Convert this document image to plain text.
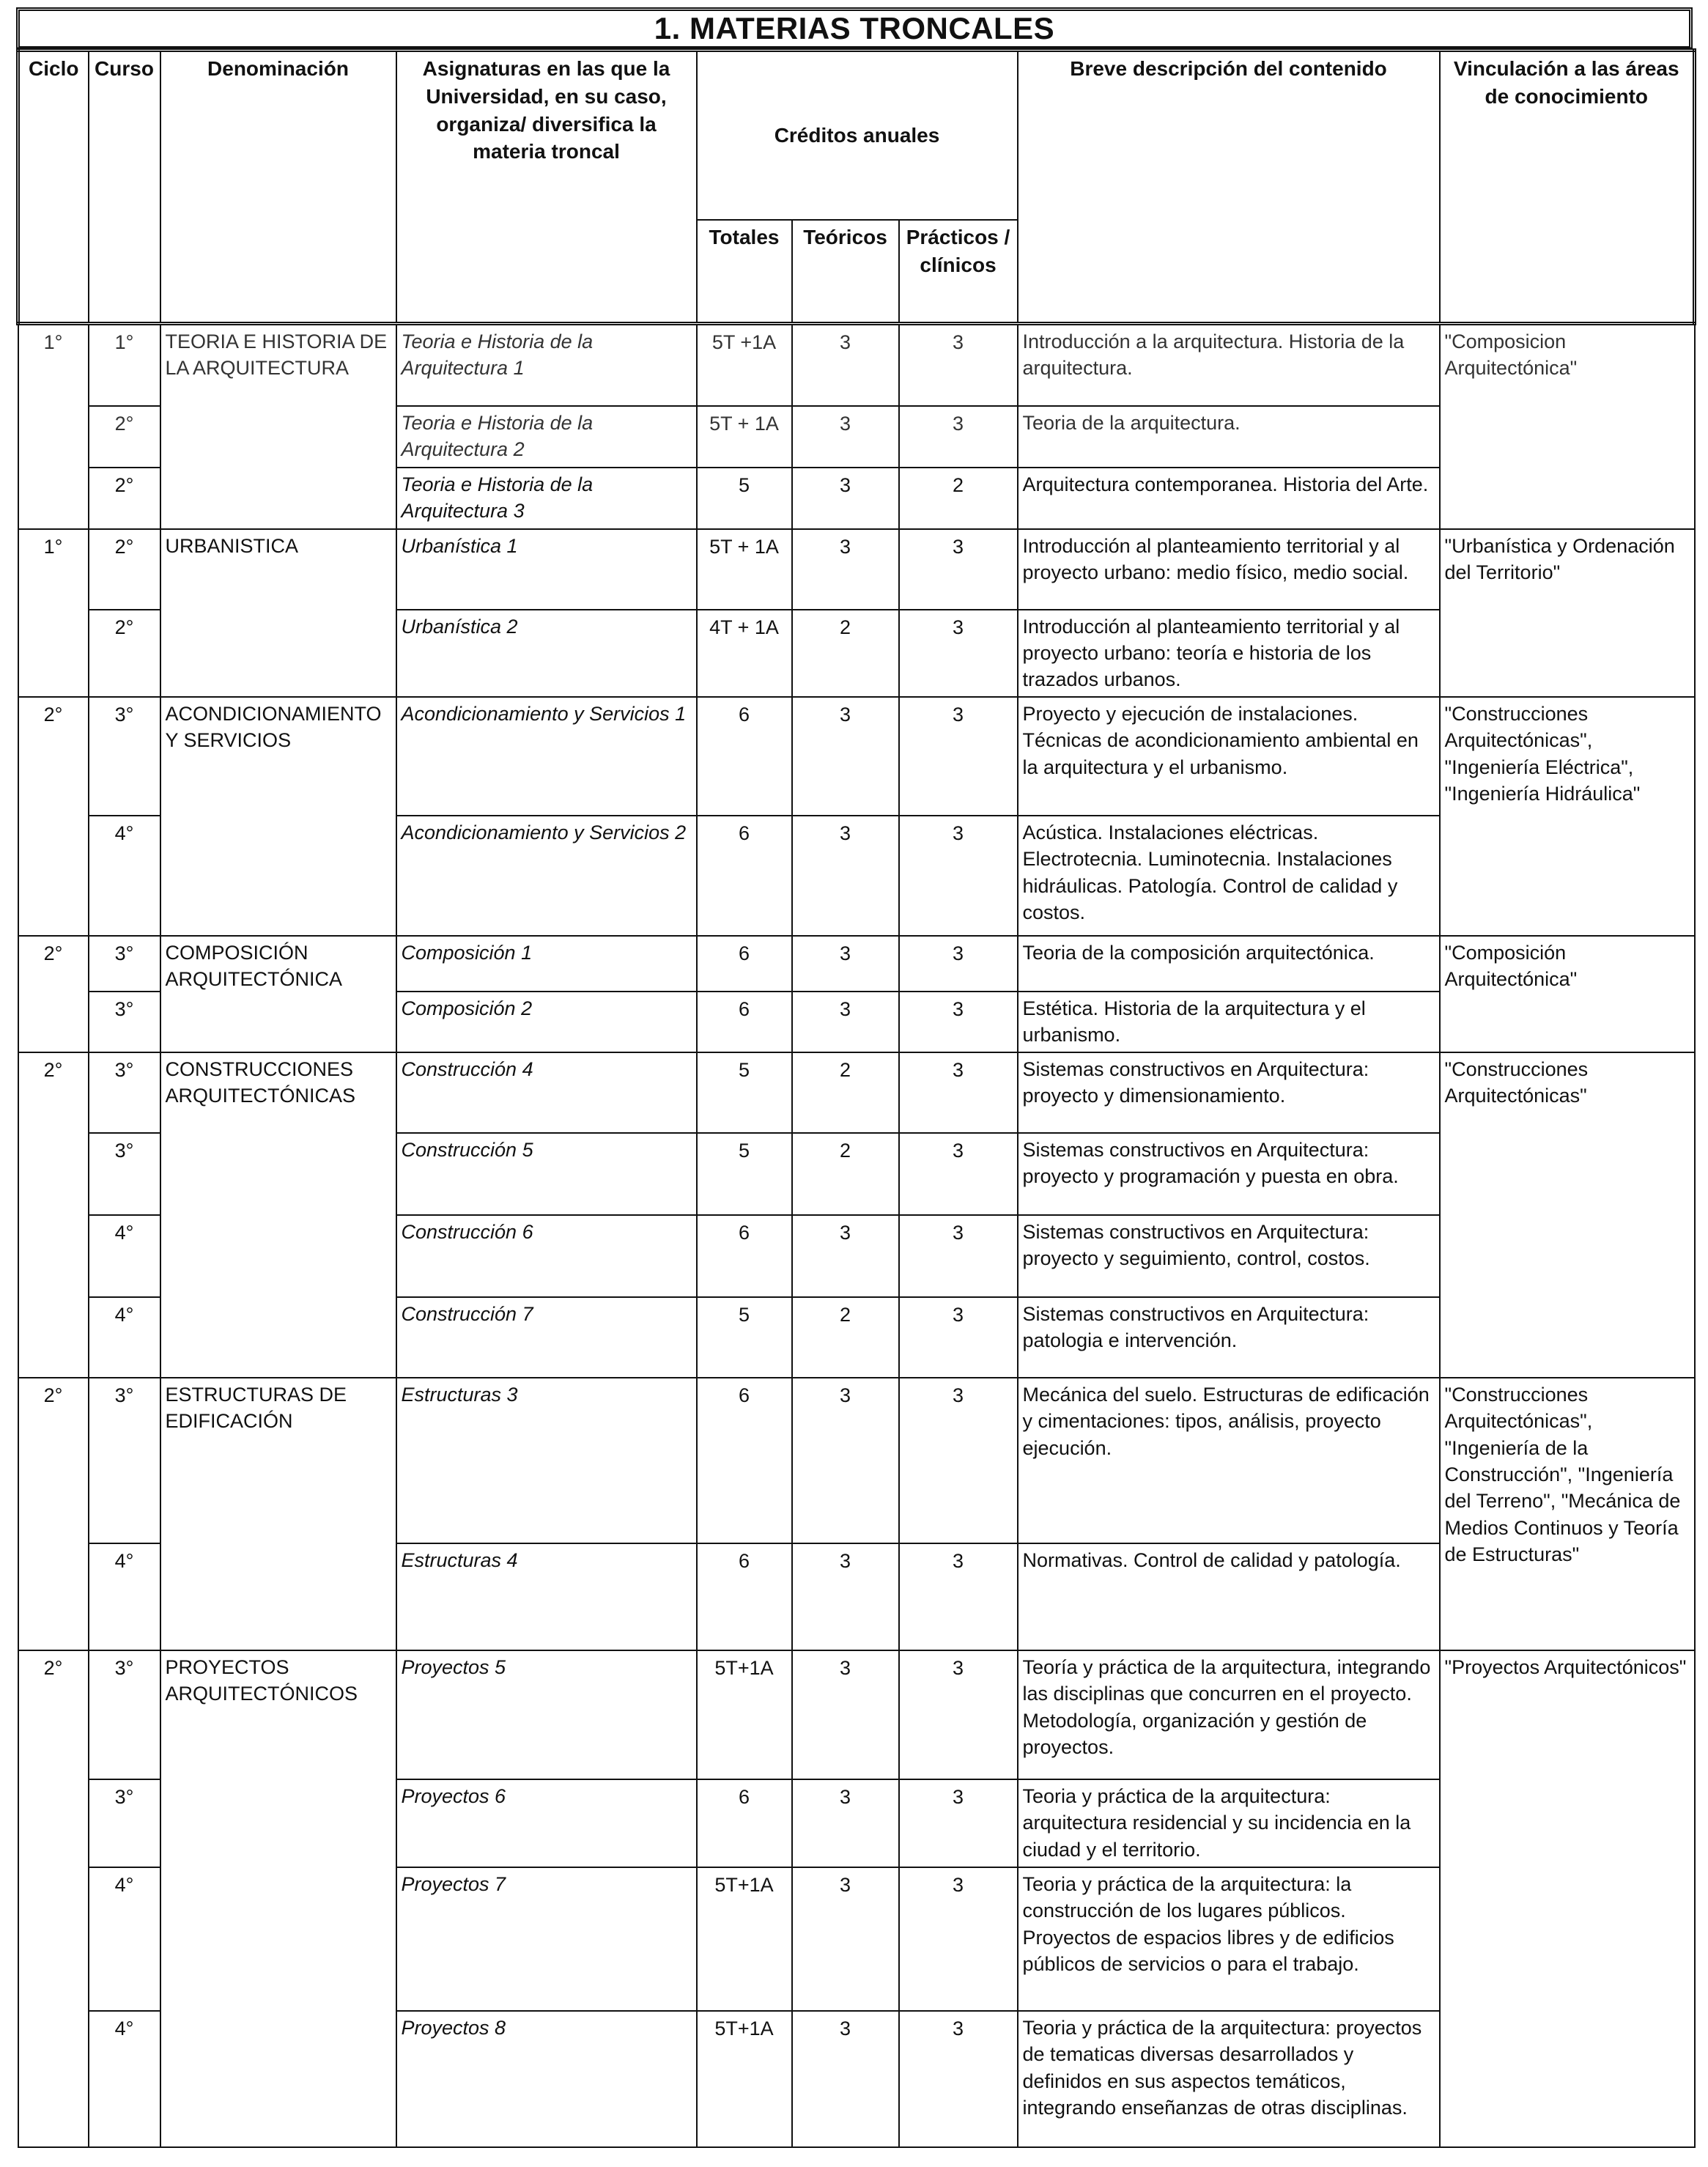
1. MATERIAS TRONCALES
Ciclo	Curso	Denominación	Asignaturas en las que la Universidad, en su caso, organiza/ diversifica la materia troncal	Créditos anuales			Breve descripción del contenido	Vinculación a las áreas de conocimiento
				Totales	Teóricos	Prácticos / clínicos		
1°	1°	TEORIA E HISTORIA DE LA ARQUITECTURA	Teoria e Historia de la Arquitectura 1	5T +1A	3	3	Introducción a la arquitectura. Historia de la arquitectura.	"Composicion Arquitectónica"
	2°		Teoria e Historia de la Arquitectura 2	5T + 1A	3	3	Teoria de la arquitectura.	
	2°		Teoria e Historia de la Arquitectura 3	5	3	2	Arquitectura contemporanea. Historia del Arte.	
1°	2°	URBANISTICA	Urbanística 1	5T + 1A	3	3	Introducción al planteamiento territorial y al proyecto urbano: medio físico, medio social.	"Urbanística y Ordenación del Territorio"
	2°		Urbanística 2	4T + 1A	2	3	Introducción al planteamiento territorial y al proyecto urbano: teoría e historia de los trazados urbanos.	
2°	3°	ACONDICIONAMIENTO Y SERVICIOS	Acondicionamiento y Servicios 1	6	3	3	Proyecto y ejecución de instalaciones. Técnicas de acondicionamiento ambiental en la arquitectura y el urbanismo.	"Construcciones Arquitectónicas", "Ingeniería Eléctrica", "Ingeniería Hidráulica"
	4°		Acondicionamiento y Servicios 2	6	3	3	Acústica. Instalaciones eléctricas. Electrotecnia. Luminotecnia. Instalaciones hidráulicas. Patología. Control de calidad y costos.	
2°	3°	COMPOSICIÓN ARQUITECTÓNICA	Composición 1	6	3	3	Teoria de la composición arquitectónica.	"Composición Arquitectónica"
	3°		Composición 2	6	3	3	Estética. Historia de la arquitectura y el urbanismo.	
2°	3°	CONSTRUCCIONES ARQUITECTÓNICAS	Construcción 4	5	2	3	Sistemas constructivos en Arquitectura: proyecto y dimensionamiento.	"Construcciones Arquitectónicas"
	3°		Construcción 5	5	2	3	Sistemas constructivos en Arquitectura: proyecto y programación y puesta en obra.	
	4°		Construcción 6	6	3	3	Sistemas constructivos en Arquitectura: proyecto y seguimiento, control, costos.	
	4°		Construcción 7	5	2	3	Sistemas constructivos en Arquitectura: patologia e intervención.	
2°	3°	ESTRUCTURAS DE EDIFICACIÓN	Estructuras 3	6	3	3	Mecánica del suelo. Estructuras de edificación y cimentaciones: tipos, análisis, proyecto ejecución.	"Construcciones Arquitectónicas", "Ingeniería de la Construcción", "Ingeniería del Terreno", "Mecánica de Medios Continuos y Teoría de Estructuras"
	4°		Estructuras 4	6	3	3	Normativas. Control de calidad y patología.	
2°	3°	PROYECTOS ARQUITECTÓNICOS	Proyectos 5	5T+1A	3	3	Teoría y práctica de la arquitectura, integrando las disciplinas que concurren en el proyecto. Metodología, organización y gestión de proyectos.	"Proyectos Arquitectónicos"
	3°		Proyectos 6	6	3	3	Teoria y práctica de la arquitectura: arquitectura residencial y su incidencia en la ciudad y el territorio.	
	4°		Proyectos 7	5T+1A	3	3	Teoria y práctica de la arquitectura: la construcción de los lugares públicos. Proyectos de espacios libres y de edificios públicos de servicios o para el trabajo.	
	4°		Proyectos 8	5T+1A	3	3	Teoria y práctica de la arquitectura: proyectos de tematicas diversas desarrollados y definidos en sus aspectos temáticos, integrando enseñanzas de otras disciplinas.	
